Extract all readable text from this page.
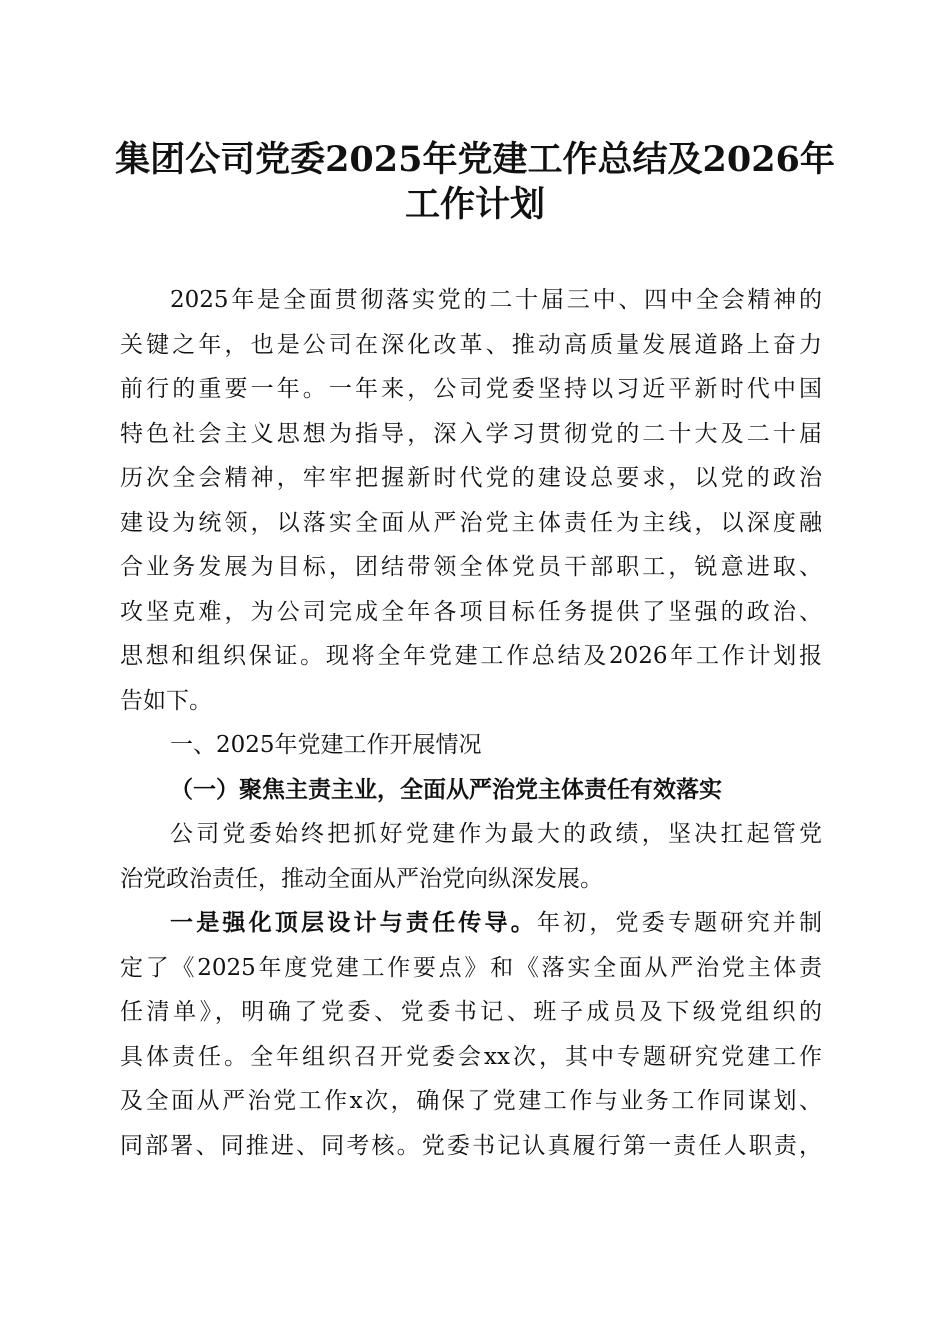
集团公司党委2025年党建工作总结及2026年
工作计划
2025年是全面贯彻落实党的二十届三中、四中全会精神的
关键之年，也是公司在深化改革、推动高质量发展道路上奋力
前行的重要一年。一年来，公司党委坚持以习近平新时代中国
特色社会主义思想为指导，深入学习贯彻党的二十大及二十届
历次全会精神，牢牢把握新时代党的建设总要求，以党的政治
建设为统领，以落实全面从严治党主体责任为主线，以深度融
合业务发展为目标，团结带领全体党员干部职工，锐意进取、
攻坚克难，为公司完成全年各项目标任务提供了坚强的政治、
思想和组织保证。现将全年党建工作总结及2026年工作计划报
告如下。
一、2025年党建工作开展情况
（一）聚焦主责主业，全面从严治党主体责任有效落实
公司党委始终把抓好党建作为最大的政绩，坚决扛起管党
治党政治责任，推动全面从严治党向纵深发展。
一是强化顶层设计与责任传导。年初，党委专题研究并制
定了《2025年度党建工作要点》和《落实全面从严治党主体责
任清单》，明确了党委、党委书记、班子成员及下级党组织的
具体责任。全年组织召开党委会xx次，其中专题研究党建工作
及全面从严治党工作x次，确保了党建工作与业务工作同谋划、
同部署、同推进、同考核。党委书记认真履行第一责任人职责，
